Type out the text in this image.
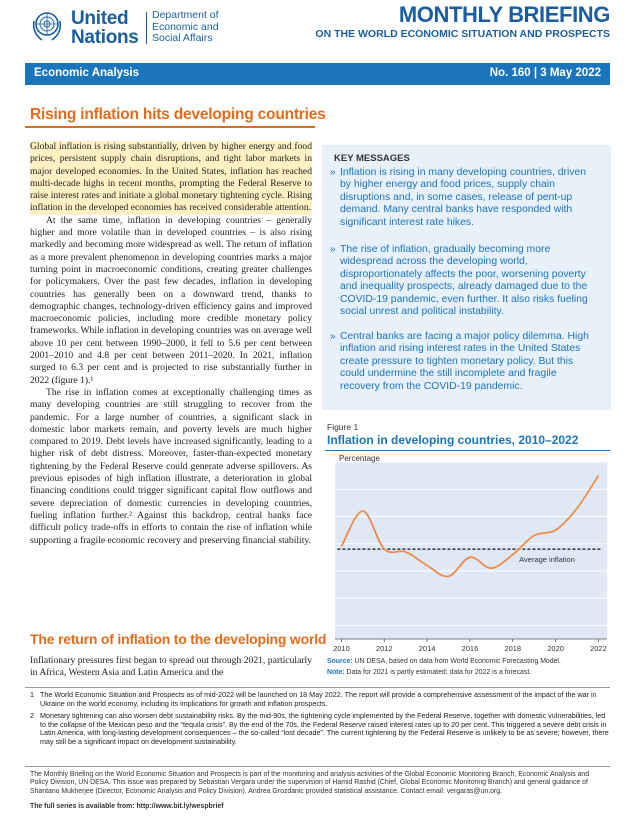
United
Nations
Department of
Economic and
Social Affairs
MONTHLY BRIEFING
ON THE WORLD ECONOMIC SITUATION AND PROSPECTS
Economic Analysis	No. 160 | 3 May 2022
Rising inflation hits developing countries

Global inflation is rising substantially, driven by higher energy and food prices, persistent supply chain disruptions, and tight labor markets in major developed economies. In the United States, inflation has reached multi-decade highs in recent months, prompting the Federal Reserve to raise interest rates and initiate a global monetary tightening cycle. Rising inflation in the developed economies has received considerable attention.

At the same time, inflation in developing countries – generally higher and more volatile than in developed countries – is also rising markedly and becoming more widespread as well. The return of inflation as a more prevalent phenomenon in developing countries marks a major turning point in macroeconomic conditions, creating greater challenges for policymakers. Over the past few decades, inflation in developing countries has generally been on a downward trend, thanks to demographic changes, technology-driven efficiency gains and improved macroeconomic policies, including more credible monetary policy frameworks. While inflation in developing countries was on average well above 10 per cent between 1990–2000, it fell to 5.6 per cent between 2001–2010 and 4.8 per cent between 2011–2020. In 2021, inflation surged to 6.3 per cent and is projected to rise substantially further in 2022 (figure 1).¹

The rise in inflation comes at exceptionally challenging times as many developing countries are still struggling to recover from the pandemic. For a large number of countries, a significant slack in domestic labor markets remain, and poverty levels are much higher compared to 2019. Debt levels have increased significantly, leading to a higher risk of debt distress. Moreover, faster-than-expected monetary tightening by the Federal Reserve could generate adverse spillovers. As previous episodes of high inflation illustrate, a deterioration in global financing conditions could trigger significant capital flow outflows and severe depreciation of domestic currencies in developing countries, fueling inflation further.² Against this backdrop, central banks face difficult policy trade-offs in efforts to contain the rise of inflation while supporting a fragile economic recovery and preserving financial stability.

The return of inflation to the developing world

Inflationary pressures first began to spread out through 2021, particularly in Africa, Western Asia and Latin America and the

KEY MESSAGES
» Inflation is rising in many developing countries, driven by higher energy and food prices, supply chain disruptions and, in some cases, release of pent-up demand. Many central banks have responded with significant interest rate hikes.
» The rise of inflation, gradually becoming more widespread across the developing world, disproportionately affects the poor, worsening poverty and inequality prospects, already damaged due to the COVID-19 pandemic, even further. It also risks fueling social unrest and political instability.
» Central banks are facing a major policy dilemma. High inflation and rising interest rates in the United States create pressure to tighten monetary policy. But this could undermine the still incomplete and fragile recovery from the COVID-19 pandemic.
Figure 1
Inflation in developing countries, 2010–2022
2010	2012	2014	2016	2018	2020	2022
Percentage
Average inflation
Source: UN DESA, based on data from World Economic Forecasting Model.
Note: Data for 2021 is partly estimated; data for 2022 is a forecast.
1 The World Economic Situation and Prospects as of mid-2022 will be launched on 18 May 2022. The report will provide a comprehensive assessment of the impact of the war in Ukraine on the world economy, including its implications for growth and inflation prospects.
2 Monetary tightening can also worsen debt sustainability risks. By the mid-90s, the tightening cycle implemented by the Federal Reserve, together with domestic vulnerabilities, led to the collapse of the Mexican peso and the “tequila crisis”. By the end of the 70s, the Federal Reserve raised interest rates up to 20 per cent. This triggered a severe debt crisis in Latin America, with long-lasting development consequences – the so-called “lost decade”. The current tightening by the Federal Reserve is unlikely to be as severe; however, there may still be a significant impact on development sustainability.
The Monthly Briefing on the World Economic Situation and Prospects is part of the monitoring and analysis activities of the Global Economic Monitoring Branch, Economic Analysis and Policy Division, UN DESA. This issue was prepared by Sebastian Vergara under the supervision of Hamid Rashid (Chief, Global Economic Monitoring Branch) and general guidance of Shantanu Mukherjee (Director, Economic Analysis and Policy Division). Andrea Grozdanic provided statistical assistance. Contact email: vergaras@un.org.
The full series is available from: http://www.bit.ly/wespbrief
